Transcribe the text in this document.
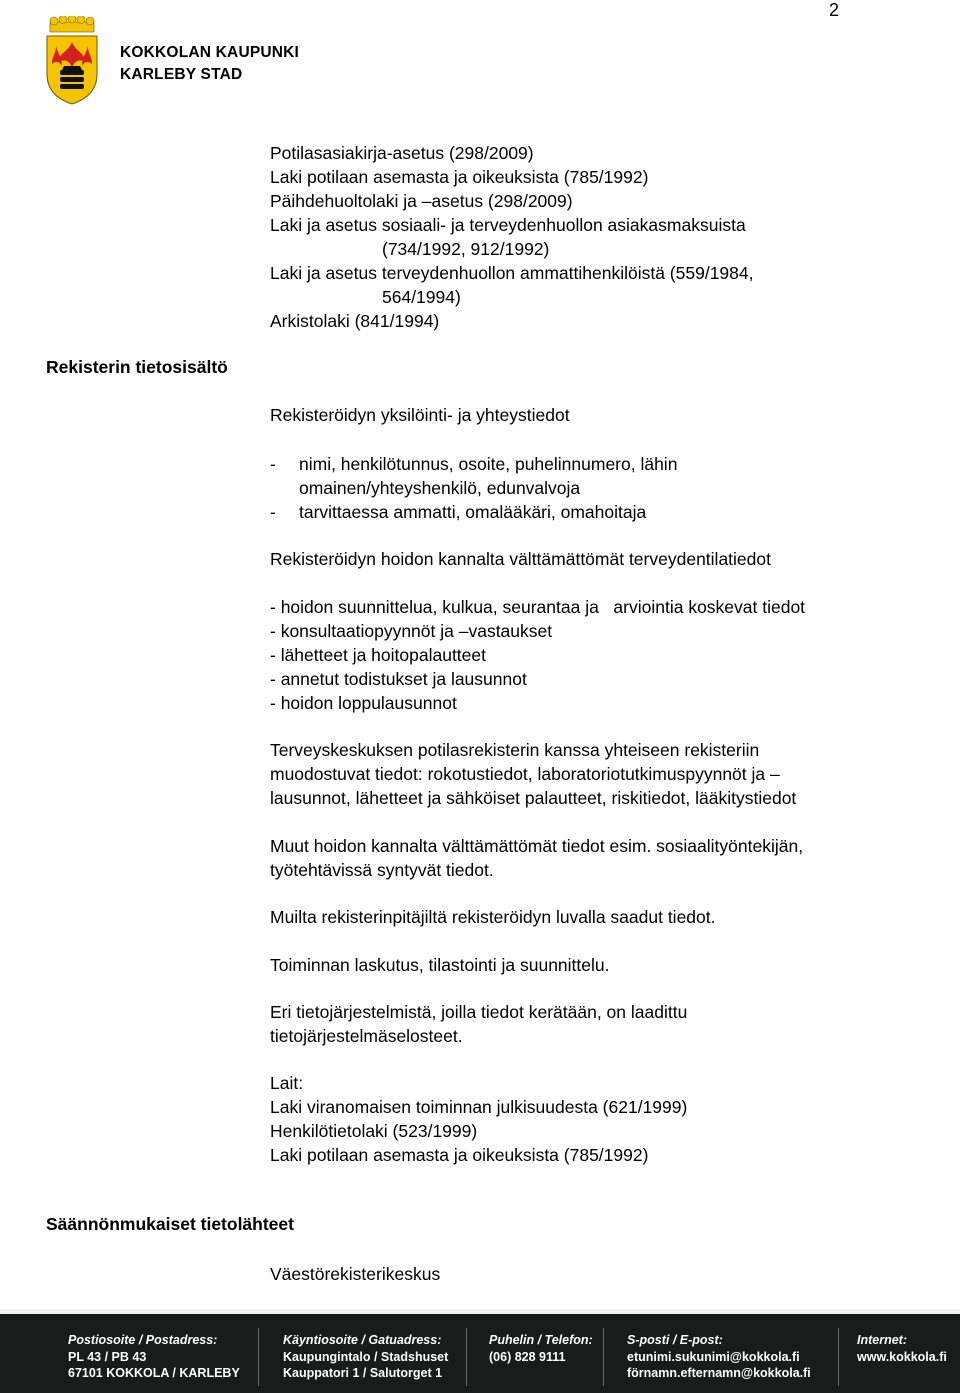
2
KOKKOLAN KAUPUNKI
KARLEBY STAD
Potilasasiakirja-asetus (298/2009)
Laki potilaan asemasta ja oikeuksista (785/1992)
Päihdehuoltolaki ja –asetus (298/2009)
Laki ja asetus sosiaali- ja terveydenhuollon asiakasmaksuista
(734/1992, 912/1992)
Laki ja asetus terveydenhuollon ammattihenkilöistä (559/1984,
564/1994)
Arkistolaki (841/1994)
Rekisterin tietosisältö
Rekisteröidyn yksilöinti- ja yhteystiedot
- nimi, henkilötunnus, osoite, puhelinnumero, lähin
omainen/yhteyshenkilö, edunvalvoja
- tarvittaessa ammatti, omalääkäri, omahoitaja
Rekisteröidyn hoidon kannalta välttämättömät terveydentilatiedot
- hoidon suunnittelua, kulkua, seurantaa ja   arviointia koskevat tiedot
- konsultaatiopyynnöt ja –vastaukset
- lähetteet ja hoitopalautteet
- annetut todistukset ja lausunnot
- hoidon loppulausunnot
Terveyskeskuksen potilasrekisterin kanssa yhteiseen rekisteriin
muodostuvat tiedot: rokotustiedot, laboratoriotutkimuspyynnöt ja –
lausunnot, lähetteet ja sähköiset palautteet, riskitiedot, lääkitystiedot
Muut hoidon kannalta välttämättömät tiedot esim. sosiaalityöntekijän,
työtehtävissä syntyvät tiedot.
Muilta rekisterinpitäjiltä rekisteröidyn luvalla saadut tiedot.
Toiminnan laskutus, tilastointi ja suunnittelu.
Eri tietojärjestelmistä, joilla tiedot kerätään, on laadittu
tietojärjestelmäselosteet.
Lait:
Laki viranomaisen toiminnan julkisuudesta (621/1999)
Henkilötietolaki (523/1999)
Laki potilaan asemasta ja oikeuksista (785/1992)
Säännönmukaiset tietolähteet
Väestörekisterikeskus
Postiosoite / Postadress:
PL 43 / PB 43
67101 KOKKOLA / KARLEBY
Käyntiosoite / Gatuadress:
Kaupungintalo / Stadshuset
Kauppatori 1 / Salutorget 1
Puhelin / Telefon:
(06) 828 9111
S-posti / E-post:
etunimi.sukunimi@kokkola.fi
förnamn.efternamn@kokkola.fi
Internet:
www.kokkola.fi
